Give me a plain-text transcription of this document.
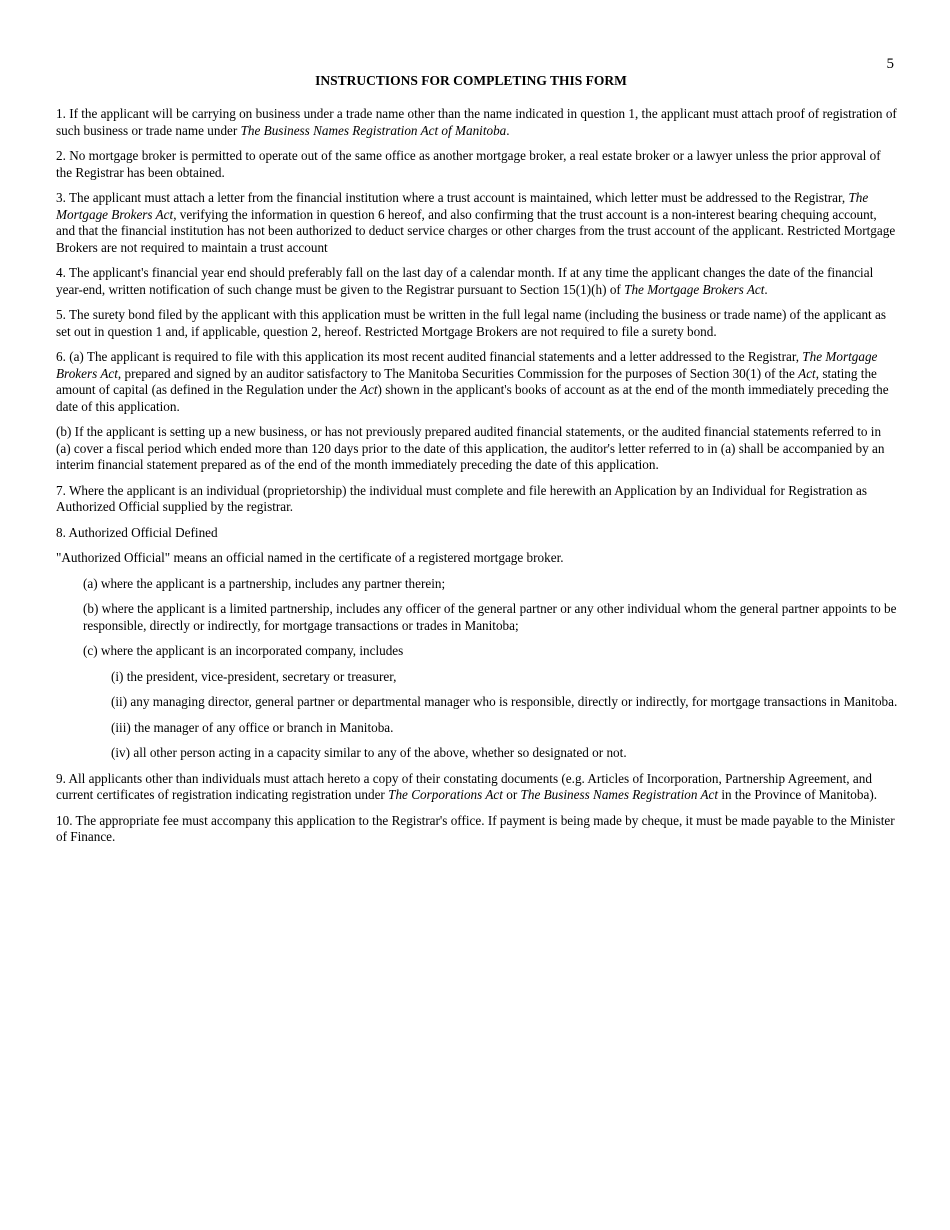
5
INSTRUCTIONS FOR COMPLETING THIS FORM

1. If the applicant will be carrying on business under a trade name other than the name indicated in question 1, the applicant must attach proof of registration of such business or trade name under The Business Names Registration Act of Manitoba.

2. No mortgage broker is permitted to operate out of the same office as another mortgage broker, a real estate broker or a lawyer unless the prior approval of the Registrar has been obtained.

3. The applicant must attach a letter from the financial institution where a trust account is maintained, which letter must be addressed to the Registrar, The Mortgage Brokers Act, verifying the information in question 6 hereof, and also confirming that the trust account is a non-interest bearing chequing account, and that the financial institution has not been authorized to deduct service charges or other charges from the trust account of the applicant. Restricted Mortgage Brokers are not required to maintain a trust account

4. The applicant's financial year end should preferably fall on the last day of a calendar month. If at any time the applicant changes the date of the financial year-end, written notification of such change must be given to the Registrar pursuant to Section 15(1)(h) of The Mortgage Brokers Act.

5. The surety bond filed by the applicant with this application must be written in the full legal name (including the business or trade name) of the applicant as set out in question 1 and, if applicable, question 2, hereof. Restricted Mortgage Brokers are not required to file a surety bond.

6. (a) The applicant is required to file with this application its most recent audited financial statements and a letter addressed to the Registrar, The Mortgage Brokers Act, prepared and signed by an auditor satisfactory to The Manitoba Securities Commission for the purposes of Section 30(1) of the Act, stating the amount of capital (as defined in the Regulation under the Act) shown in the applicant's books of account as at the end of the month immediately preceding the date of this application.

(b) If the applicant is setting up a new business, or has not previously prepared audited financial statements, or the audited financial statements referred to in (a) cover a fiscal period which ended more than 120 days prior to the date of this application, the auditor's letter referred to in (a) shall be accompanied by an interim financial statement prepared as of the end of the month immediately preceding the date of this application.

7. Where the applicant is an individual (proprietorship) the individual must complete and file herewith an Application by an Individual for Registration as Authorized Official supplied by the registrar.

8. Authorized Official Defined

"Authorized Official" means an official named in the certificate of a registered mortgage broker.

(a) where the applicant is a partnership, includes any partner therein;

(b) where the applicant is a limited partnership, includes any officer of the general partner or any other individual whom the general partner appoints to be responsible, directly or indirectly, for mortgage transactions or trades in Manitoba;

(c) where the applicant is an incorporated company, includes

(i) the president, vice-president, secretary or treasurer,

(ii) any managing director, general partner or departmental manager who is responsible, directly or indirectly, for mortgage transactions in Manitoba.

(iii) the manager of any office or branch in Manitoba.

(iv) all other person acting in a capacity similar to any of the above, whether so designated or not.

9. All applicants other than individuals must attach hereto a copy of their constating documents (e.g. Articles of Incorporation, Partnership Agreement, and current certificates of registration indicating registration under The Corporations Act or The Business Names Registration Act in the Province of Manitoba).

10. The appropriate fee must accompany this application to the Registrar's office. If payment is being made by cheque, it must be made payable to the Minister of Finance.
